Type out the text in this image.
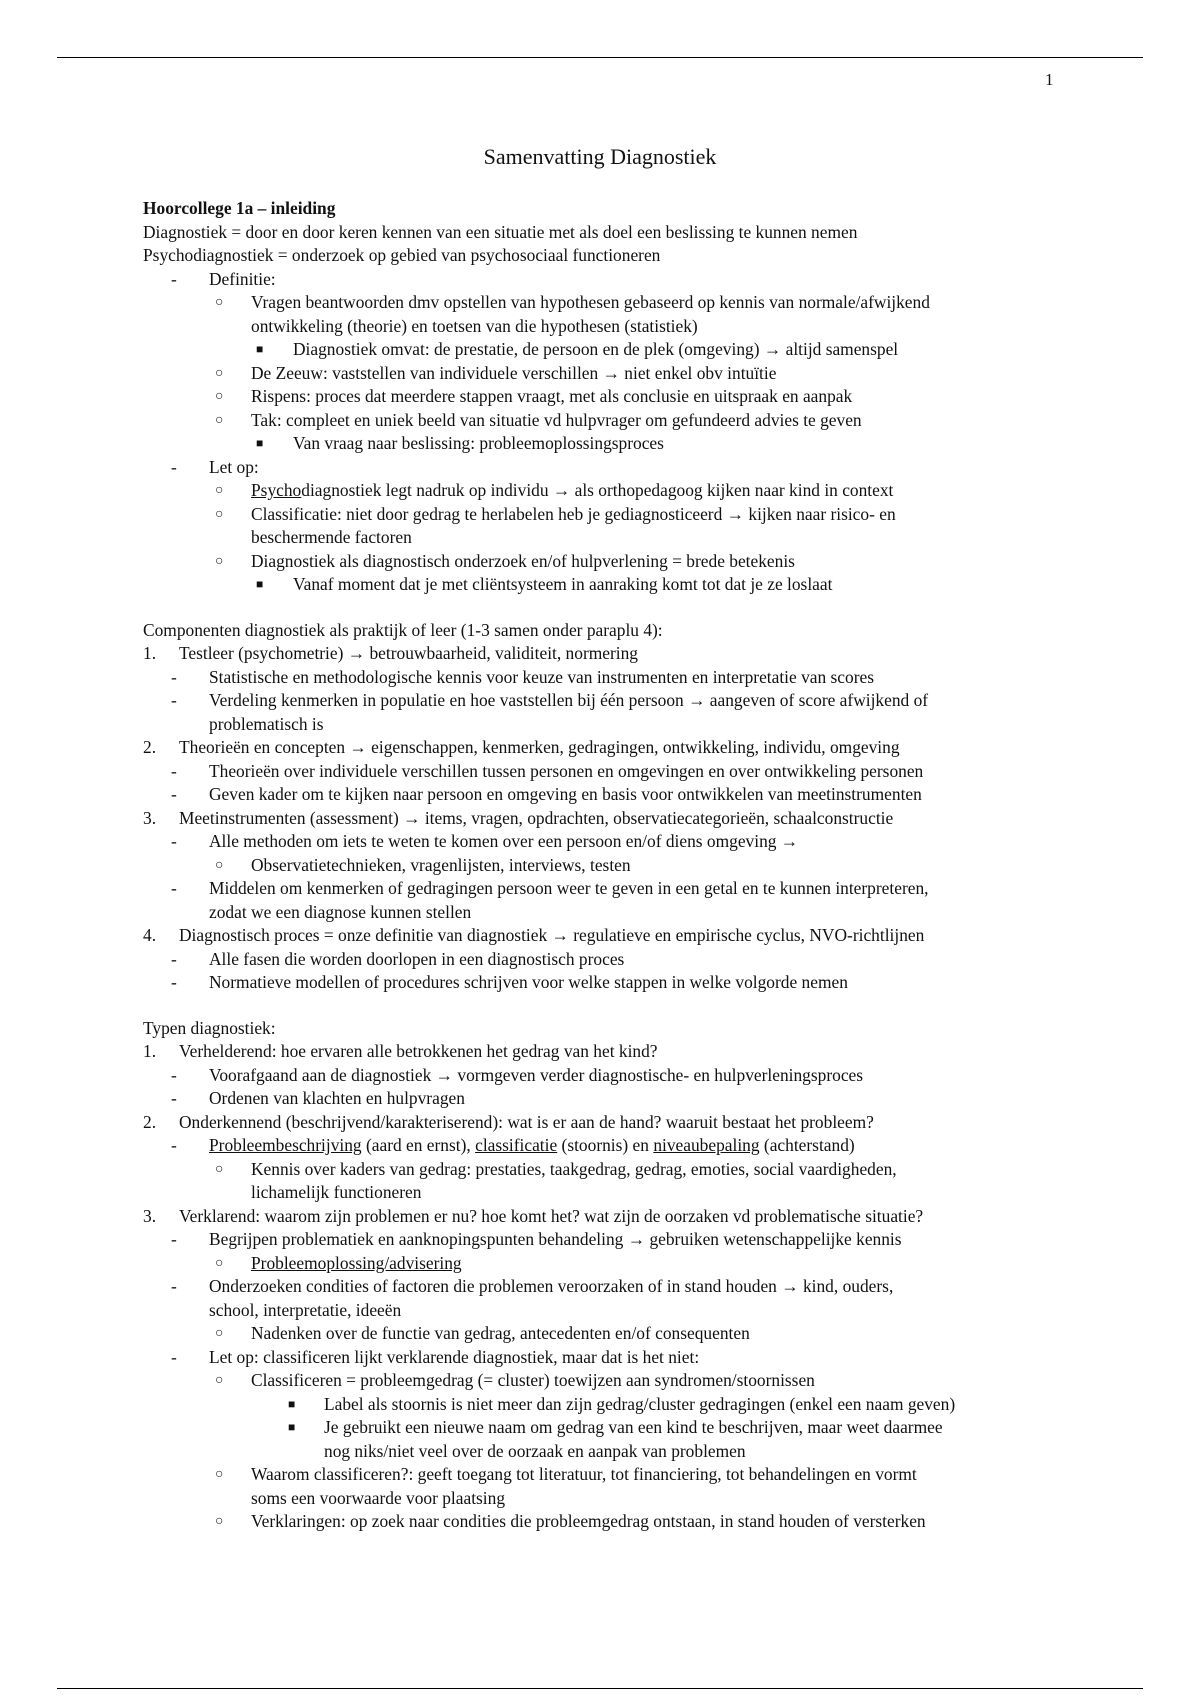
1
Samenvatting Diagnostiek
Hoorcollege 1a – inleiding
Diagnostiek = door en door keren kennen van een situatie met als doel een beslissing te kunnen nemen
Psychodiagnostiek = onderzoek op gebied van psychosociaal functioneren
- Definitie:
○ Vragen beantwoorden dmv opstellen van hypothesen gebaseerd op kennis van normale/afwijkend
ontwikkeling (theorie) en toetsen van die hypothesen (statistiek)
■ Diagnostiek omvat: de prestatie, de persoon en de plek (omgeving) → altijd samenspel
○ De Zeeuw: vaststellen van individuele verschillen → niet enkel obv intuïtie
○ Rispens: proces dat meerdere stappen vraagt, met als conclusie en uitspraak en aanpak
○ Tak: compleet en uniek beeld van situatie vd hulpvrager om gefundeerd advies te geven
■ Van vraag naar beslissing: probleemoplossingsproces
- Let op:
○ Psychodiagnostiek legt nadruk op individu → als orthopedagoog kijken naar kind in context
○ Classificatie: niet door gedrag te herlabelen heb je gediagnosticeerd → kijken naar risico- en
beschermende factoren
○ Diagnostiek als diagnostisch onderzoek en/of hulpverlening = brede betekenis
■ Vanaf moment dat je met cliëntsysteem in aanraking komt tot dat je ze loslaat
Componenten diagnostiek als praktijk of leer (1-3 samen onder paraplu 4):
1. Testleer (psychometrie) → betrouwbaarheid, validiteit, normering
- Statistische en methodologische kennis voor keuze van instrumenten en interpretatie van scores
- Verdeling kenmerken in populatie en hoe vaststellen bij één persoon → aangeven of score afwijkend of
problematisch is
2. Theorieën en concepten → eigenschappen, kenmerken, gedragingen, ontwikkeling, individu, omgeving
- Theorieën over individuele verschillen tussen personen en omgevingen en over ontwikkeling personen
- Geven kader om te kijken naar persoon en omgeving en basis voor ontwikkelen van meetinstrumenten
3. Meetinstrumenten (assessment) → items, vragen, opdrachten, observatiecategorieën, schaalconstructie
- Alle methoden om iets te weten te komen over een persoon en/of diens omgeving →
○ Observatietechnieken, vragenlijsten, interviews, testen
- Middelen om kenmerken of gedragingen persoon weer te geven in een getal en te kunnen interpreteren,
zodat we een diagnose kunnen stellen
4. Diagnostisch proces = onze definitie van diagnostiek → regulatieve en empirische cyclus, NVO-richtlijnen
- Alle fasen die worden doorlopen in een diagnostisch proces
- Normatieve modellen of procedures schrijven voor welke stappen in welke volgorde nemen
Typen diagnostiek:
1. Verhelderend: hoe ervaren alle betrokkenen het gedrag van het kind?
- Voorafgaand aan de diagnostiek → vormgeven verder diagnostische- en hulpverleningsproces
- Ordenen van klachten en hulpvragen
2. Onderkennend (beschrijvend/karakteriserend): wat is er aan de hand? waaruit bestaat het probleem?
- Probleembeschrijving (aard en ernst), classificatie (stoornis) en niveaubepaling (achterstand)
○ Kennis over kaders van gedrag: prestaties, taakgedrag, gedrag, emoties, social vaardigheden,
lichamelijk functioneren
3. Verklarend: waarom zijn problemen er nu? hoe komt het? wat zijn de oorzaken vd problematische situatie?
- Begrijpen problematiek en aanknopingspunten behandeling → gebruiken wetenschappelijke kennis
○ Probleemoplossing/advisering
- Onderzoeken condities of factoren die problemen veroorzaken of in stand houden → kind, ouders,
school, interpretatie, ideeën
○ Nadenken over de functie van gedrag, antecedenten en/of consequenten
- Let op: classificeren lijkt verklarende diagnostiek, maar dat is het niet:
○ Classificeren = probleemgedrag (= cluster) toewijzen aan syndromen/stoornissen
■ Label als stoornis is niet meer dan zijn gedrag/cluster gedragingen (enkel een naam geven)
■ Je gebruikt een nieuwe naam om gedrag van een kind te beschrijven, maar weet daarmee
nog niks/niet veel over de oorzaak en aanpak van problemen
○ Waarom classificeren?: geeft toegang tot literatuur, tot financiering, tot behandelingen en vormt
soms een voorwaarde voor plaatsing
○ Verklaringen: op zoek naar condities die probleemgedrag ontstaan, in stand houden of versterken
